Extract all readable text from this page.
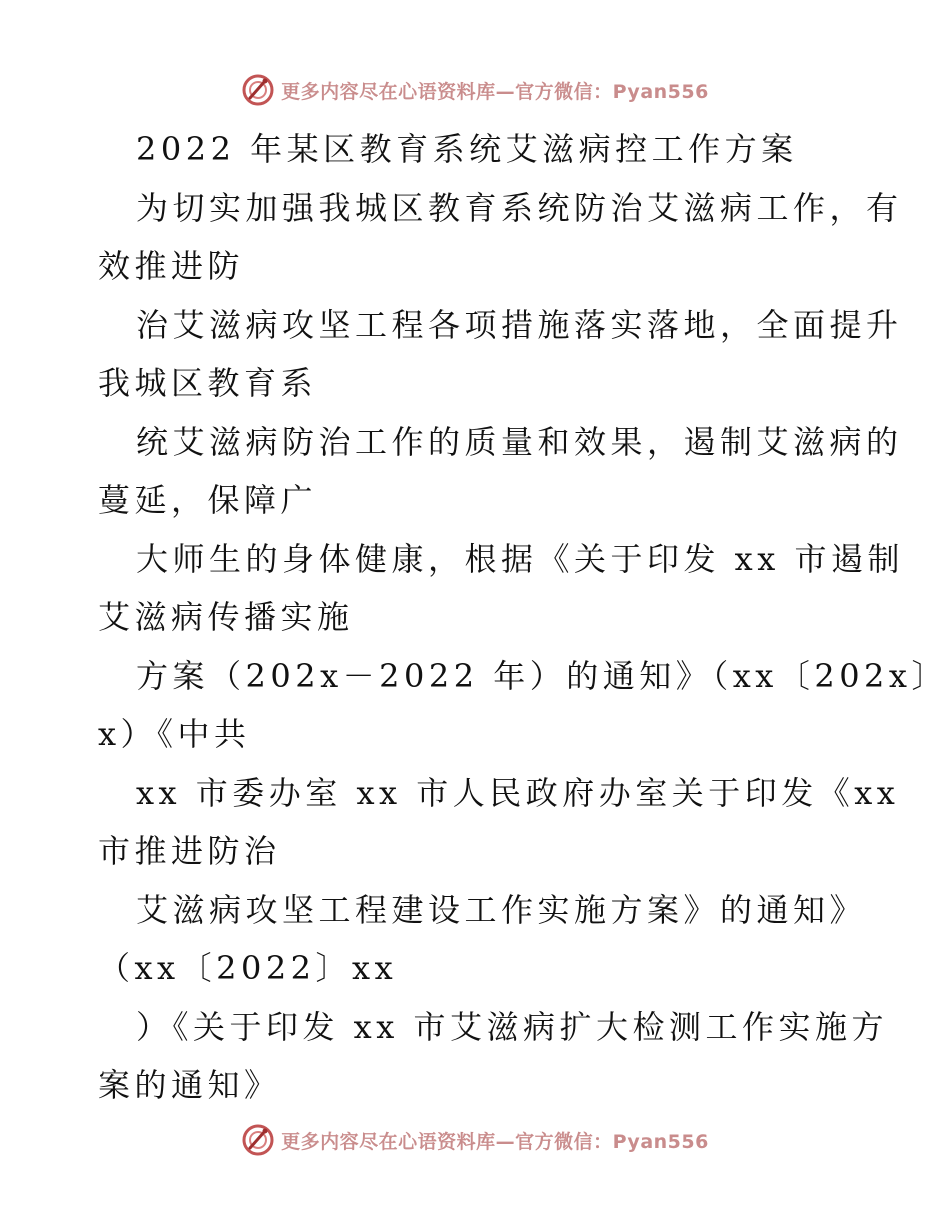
更多内容尽在心语资料库—官方微信：Pyan556
2022 年某区教育系统艾滋病控工作方案
为切实加强我城区教育系统防治艾滋病工作，有
效推进防
治艾滋病攻坚工程各项措施落实落地，全面提升
我城区教育系
统艾滋病防治工作的质量和效果，遏制艾滋病的
蔓延，保障广
大师生的身体健康，根据《关于印发 xx 市遏制
艾滋病传播实施
方案（202x－2022 年）的通知》（xx〔202x〕
x）《中共
xx 市委办室 xx 市人民政府办室关于印发《xx
市推进防治
艾滋病攻坚工程建设工作实施方案》的通知》
（xx〔2022〕xx
）《关于印发 xx 市艾滋病扩大检测工作实施方
案的通知》
更多内容尽在心语资料库—官方微信：Pyan556
